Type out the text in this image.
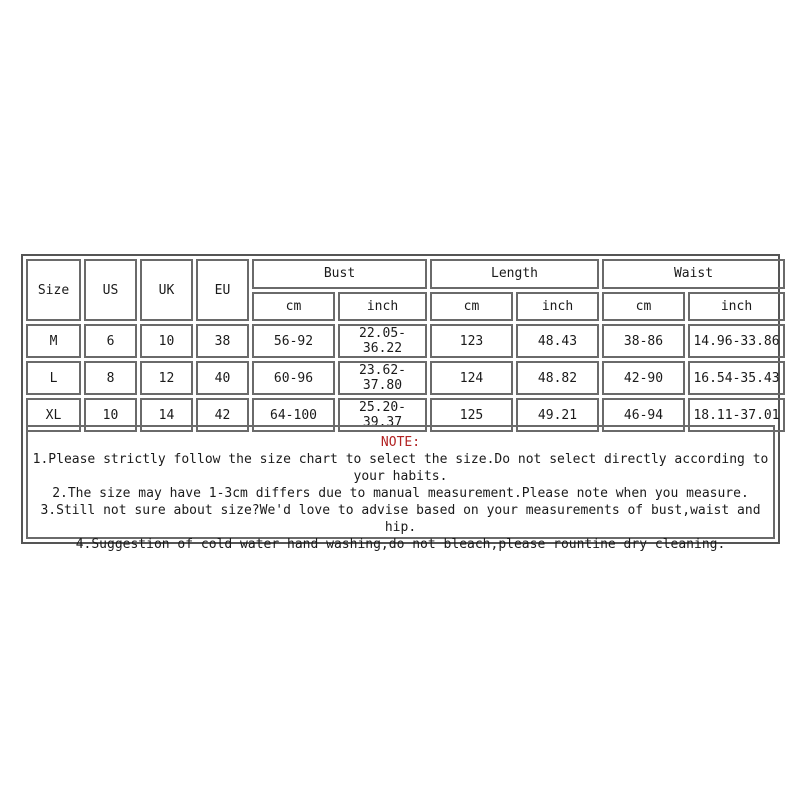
Size	US	UK	EU	Bust		Length		Waist	
				cm	inch	cm	inch	cm	inch
M	6	10	38	56-92	22.05-36.22	123	48.43	38-86	14.96-33.86
L	8	12	40	60-96	23.62-37.80	124	48.82	42-90	16.54-35.43
XL	10	14	42	64-100	25.20-39.37	125	49.21	46-94	18.11-37.01
NOTE:
1.Please strictly follow the size chart to select the size.Do not select directly according to your habits.
2.The size may have 1-3cm differs due to manual measurement.Please note when you measure.
3.Still not sure about size?We'd love to advise based on your measurements of bust,waist and hip.
4.Suggestion of cold water hand washing,do not bleach,please rountine dry cleaning.
